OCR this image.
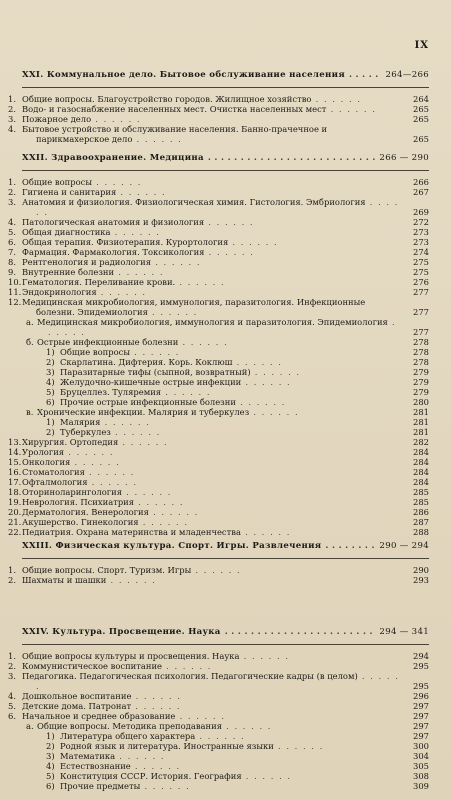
IX
XXI. Коммунальное дело. Бытовое обслуживание населения . . .	264—266
1.Общие вопросы. Благоустройство городов. Жилищное хозяйство . . . . . .	264
2.Водо- и газоснабжение населенных мест. Очистка населенных мест . . . . . .	265
3.Пожарное дело . . . . . .	265
4.Бытовое устройство и обслуживание населения. Банно-прачечное и парикмахерское дело . . . . . .	265
XXII. Здравоохранение. Медицина . . .	266 — 290
1.Общие вопросы . . . . . .	266
2.Гигиена и санитария . . . . . .	267
3.Анатомия и физиология. Физиологическая химия. Гистология. Эмбриология . . . . . .	269
4.Патологическая анатомия и физиология . . . . . .	272
5.Общая диагностика . . . . . .	273
6.Общая терапия. Физиотерапия. Курортология . . . . . .	273
7.Фармация. Фармакология. Токсикология . . . . . .	274
8.Рентгенология и радиология . . . . . .	275
9.Внутренние болезни . . . . . .	275
10.Гематология. Переливание крови. . . . . . .	276
11.Эндокринология . . . . . .	277
12.Медицинская микробиология, иммунология, паразитология. Инфекционные болезни. Эпидемиология . . . . . .	277
а.Медицинская микробиология, иммунология и паразитология. Эпидемиология . . . . . .	277
б.Острые инфекционные болезни . . . . . .	278
1)Общие вопросы . . . . . .	278
2)Скарлатина. Дифтерия. Корь. Коклюш . . . . . .	278
3)Паразитарные тифы (сыпной, возвратный) . . . . . .	279
4)Желудочно-кишечные острые инфекции . . . . . .	279
5)Бруцеллез. Туляремия . . . . . .	279
6)Прочие острые инфекционные болезни . . . . . .	280
в.Хронические инфекции. Малярия и туберкулез . . . . . .	281
1)Малярия . . . . . .	281
2)Туберкулез . . . . . .	281
13.Хирургия. Ортопедия . . . . . .	282
14.Урология . . . . . .	284
15.Онкология . . . . . .	284
16.Стоматология . . . . . .	284
17.Офталмология . . . . . .	284
18.Оториноларингология . . . . . .	285
19.Неврология. Психиатрия . . . . . .	285
20.Дерматология. Венерология . . . . . .	286
21.Акушерство. Гинекология . . . . . .	287
22.Педиатрия. Охрана материнства и младенчества . . . . . .	288
XXIII. Физическая культура. Спорт. Игры. Развлечения . . .	290 — 294
1.Общие вопросы. Спорт. Туризм. Игры . . . . . .	290
2.Шахматы и шашки . . . . . .	293
XXIV. Культура. Просвещение. Наука . . .	294 — 341
1.Общие вопросы культуры и просвещения. Наука . . . . . .	294
2.Коммунистическое воспитание . . . . . .	295
3.Педагогика. Педагогическая психология. Педагогические кадры (в целом) . . . . . .	295
4.Дошкольное воспитание . . . . . .	296
5.Детские дома. Патронат . . . . . .	297
6.Начальное и среднее образование . . . . . .	297
а.Общие вопросы. Методика преподавания . . . . . .	297
1)Литература общего характера . . . . . .	297
2)Родной язык и литература. Иностранные языки . . . . . .	300
3)Математика . . . . . .	304
4)Естествознание . . . . . .	305
5)Конституция СССР. История. География . . . . . .	308
6)Прочие предметы . . . . . .	309
